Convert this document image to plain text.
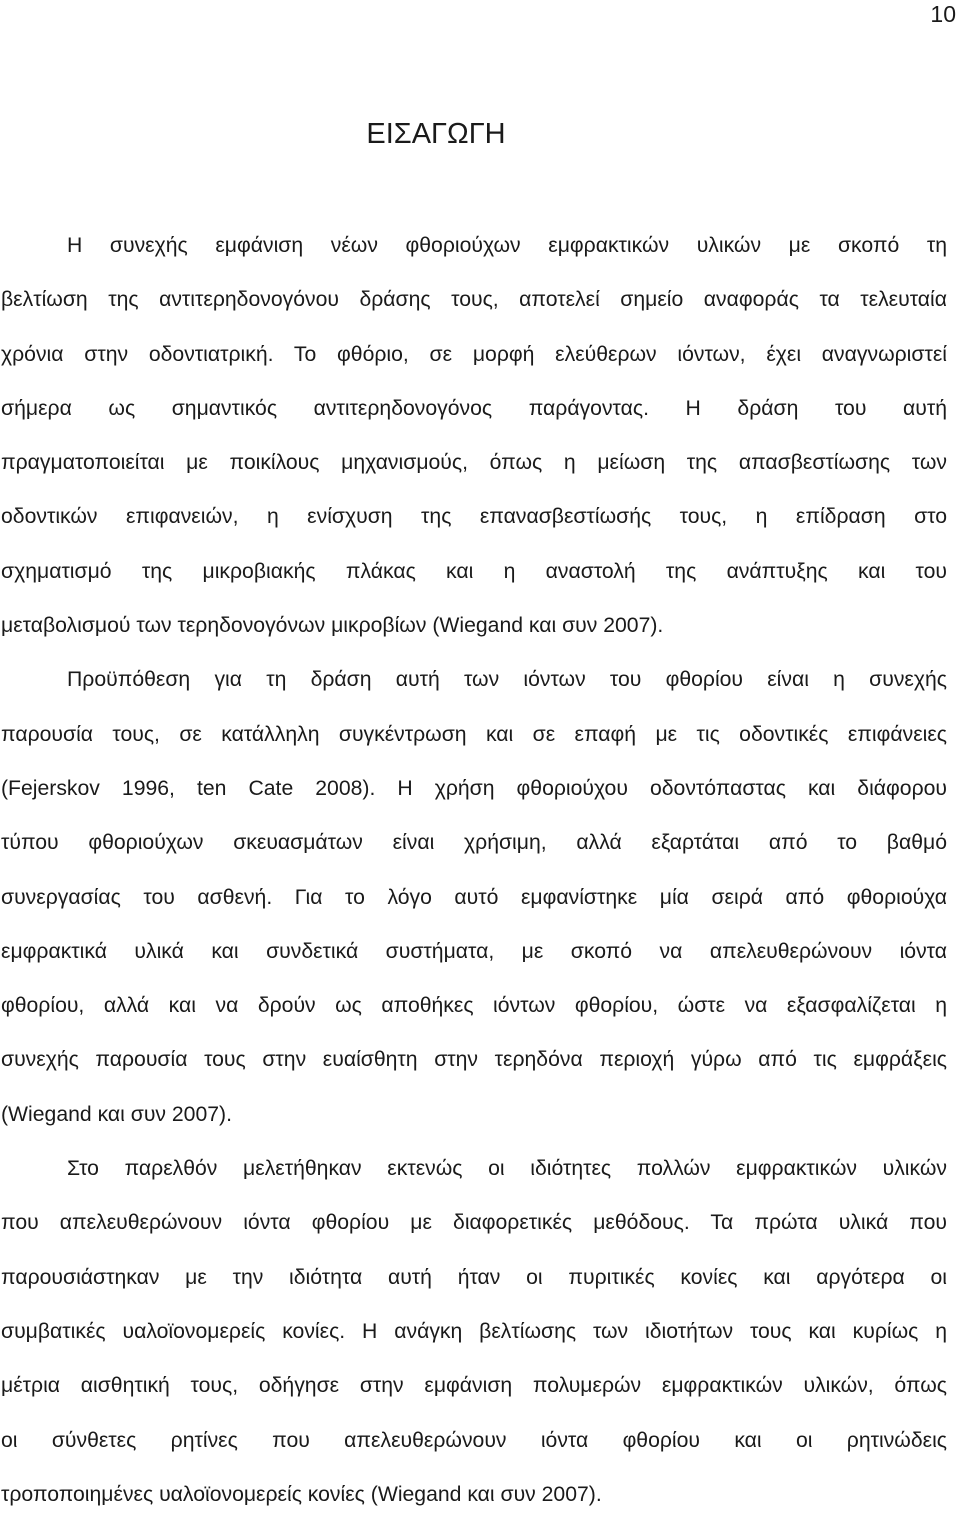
10
ΕΙΣΑΓΩΓΗ
Η συνεχής εμφάνιση νέων φθοριούχων εμφρακτικών υλικών με σκοπό τη
βελτίωση της αντιτερηδονογόνου δράσης τους, αποτελεί σημείο αναφοράς τα τελευταία
χρόνια στην οδοντιατρική. Το φθόριο, σε μορφή ελεύθερων ιόντων, έχει αναγνωριστεί
σήμερα ως σημαντικός αντιτερηδονογόνος παράγοντας. Η δράση του αυτή
πραγματοποιείται με ποικίλους μηχανισμούς, όπως η μείωση της απασβεστίωσης των
οδοντικών επιφανειών, η ενίσχυση της επανασβεστίωσής τους, η επίδραση στο
σχηματισμό της μικροβιακής πλάκας και η αναστολή της ανάπτυξης και του
μεταβολισμού των τερηδονογόνων μικροβίων (Wiegand και συν 2007).
Προϋπόθεση για τη δράση αυτή των ιόντων του φθορίου είναι η συνεχής
παρουσία τους, σε κατάλληλη συγκέντρωση και σε επαφή με τις οδοντικές επιφάνειες
(Fejerskov 1996, ten Cate 2008). Η χρήση φθοριούχου οδοντόπαστας και διάφορου
τύπου φθοριούχων σκευασμάτων είναι χρήσιμη, αλλά εξαρτάται από το βαθμό
συνεργασίας του ασθενή. Για το λόγο αυτό εμφανίστηκε μία σειρά από φθοριούχα
εμφρακτικά υλικά και συνδετικά συστήματα, με σκοπό να απελευθερώνουν ιόντα
φθορίου, αλλά και να δρούν ως αποθήκες ιόντων φθορίου, ώστε να εξασφαλίζεται η
συνεχής παρουσία τους στην ευαίσθητη στην τερηδόνα περιοχή γύρω από τις εμφράξεις
(Wiegand και συν 2007).
Στο παρελθόν μελετήθηκαν εκτενώς οι ιδιότητες πολλών εμφρακτικών υλικών
που απελευθερώνουν ιόντα φθορίου με διαφορετικές μεθόδους. Τα πρώτα υλικά που
παρουσιάστηκαν με την ιδιότητα αυτή ήταν οι πυριτικές κονίες και αργότερα οι
συμβατικές υαλοϊονομερείς κονίες. Η ανάγκη βελτίωσης των ιδιοτήτων τους και κυρίως η
μέτρια αισθητική τους, οδήγησε στην εμφάνιση πολυμερών εμφρακτικών υλικών, όπως
οι σύνθετες ρητίνες που απελευθερώνουν ιόντα φθορίου και οι ρητινώδεις
τροποποιημένες υαλοϊονομερείς κονίες (Wiegand και συν 2007).
